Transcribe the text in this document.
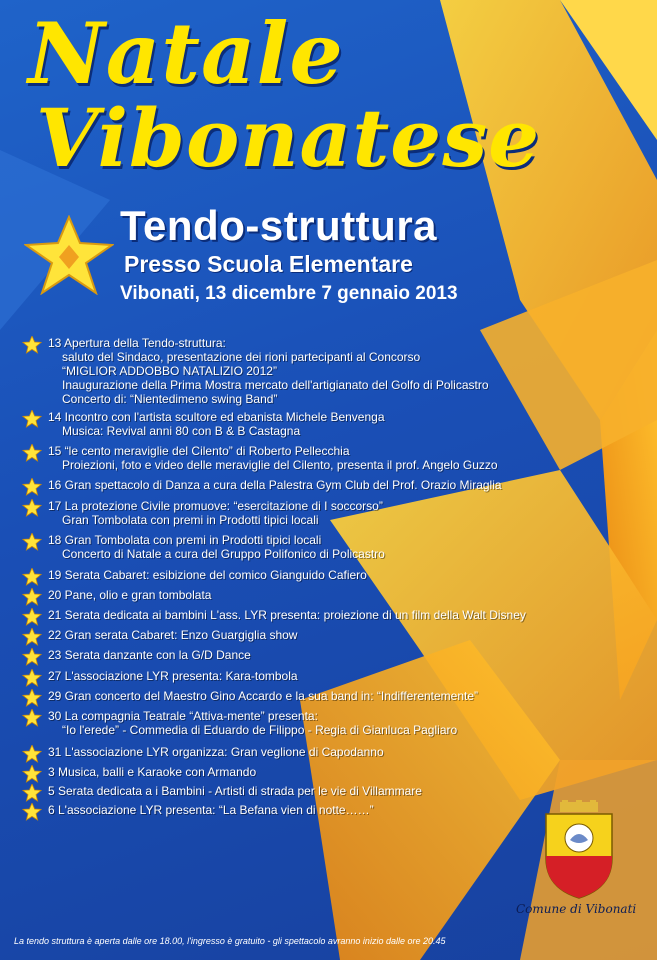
Natale
Vibonatese
Tendo-struttura
Presso Scuola Elementare
Vibonati, 13 dicembre 7 gennaio 2013
13 Apertura della Tendo-struttura:
saluto del Sindaco, presentazione dei rioni partecipanti al Concorso
“MIGLIOR ADDOBBO NATALIZIO 2012”
Inaugurazione della Prima Mostra mercato dell'artigianato del Golfo di Policastro
Concerto di: “Nientedimeno swing Band”
14 Incontro con l'artista scultore ed ebanista Michele Benvenga
Musica: Revival anni 80 con B & B Castagna
15 “le cento meraviglie del Cilento” di Roberto Pellecchia
Proiezioni, foto e video delle meraviglie del Cilento, presenta il prof. Angelo Guzzo
16 Gran spettacolo di Danza a cura della Palestra Gym Club del Prof. Orazio Miraglia
17 La protezione Civile promuove: “esercitazione di I soccorso”
Gran Tombolata con premi in Prodotti tipici locali
18 Gran Tombolata con premi in Prodotti tipici locali
Concerto di Natale a cura del Gruppo Polifonico di Policastro
19 Serata Cabaret: esibizione del comico Gianguido Cafiero
20 Pane, olio e gran tombolata
21 Serata dedicata ai bambini L'ass. LYR presenta: proiezione di un film della Walt Disney
22 Gran serata Cabaret: Enzo Guargiglia show
23 Serata danzante con la G/D Dance
27 L'associazione LYR presenta: Kara-tombola
29 Gran concerto del Maestro Gino Accardo e la sua band in: “Indifferentemente”
30 La compagnia Teatrale “Attiva-mente” presenta:
“Io l'erede” - Commedia di Eduardo de Filippo - Regia di Gianluca Pagliaro
31 L'associazione LYR organizza: Gran veglione di Capodanno
3 Musica, balli e Karaoke con Armando
5 Serata dedicata a i Bambini - Artisti di strada per le vie di Villammare
6 L'associazione LYR presenta: “La Befana vien di notte……”
Comune di Vibonati
La tendo struttura è aperta dalle ore 18.00, l'ingresso è gratuito - gli spettacolo avranno inizio dalle ore 20.45
